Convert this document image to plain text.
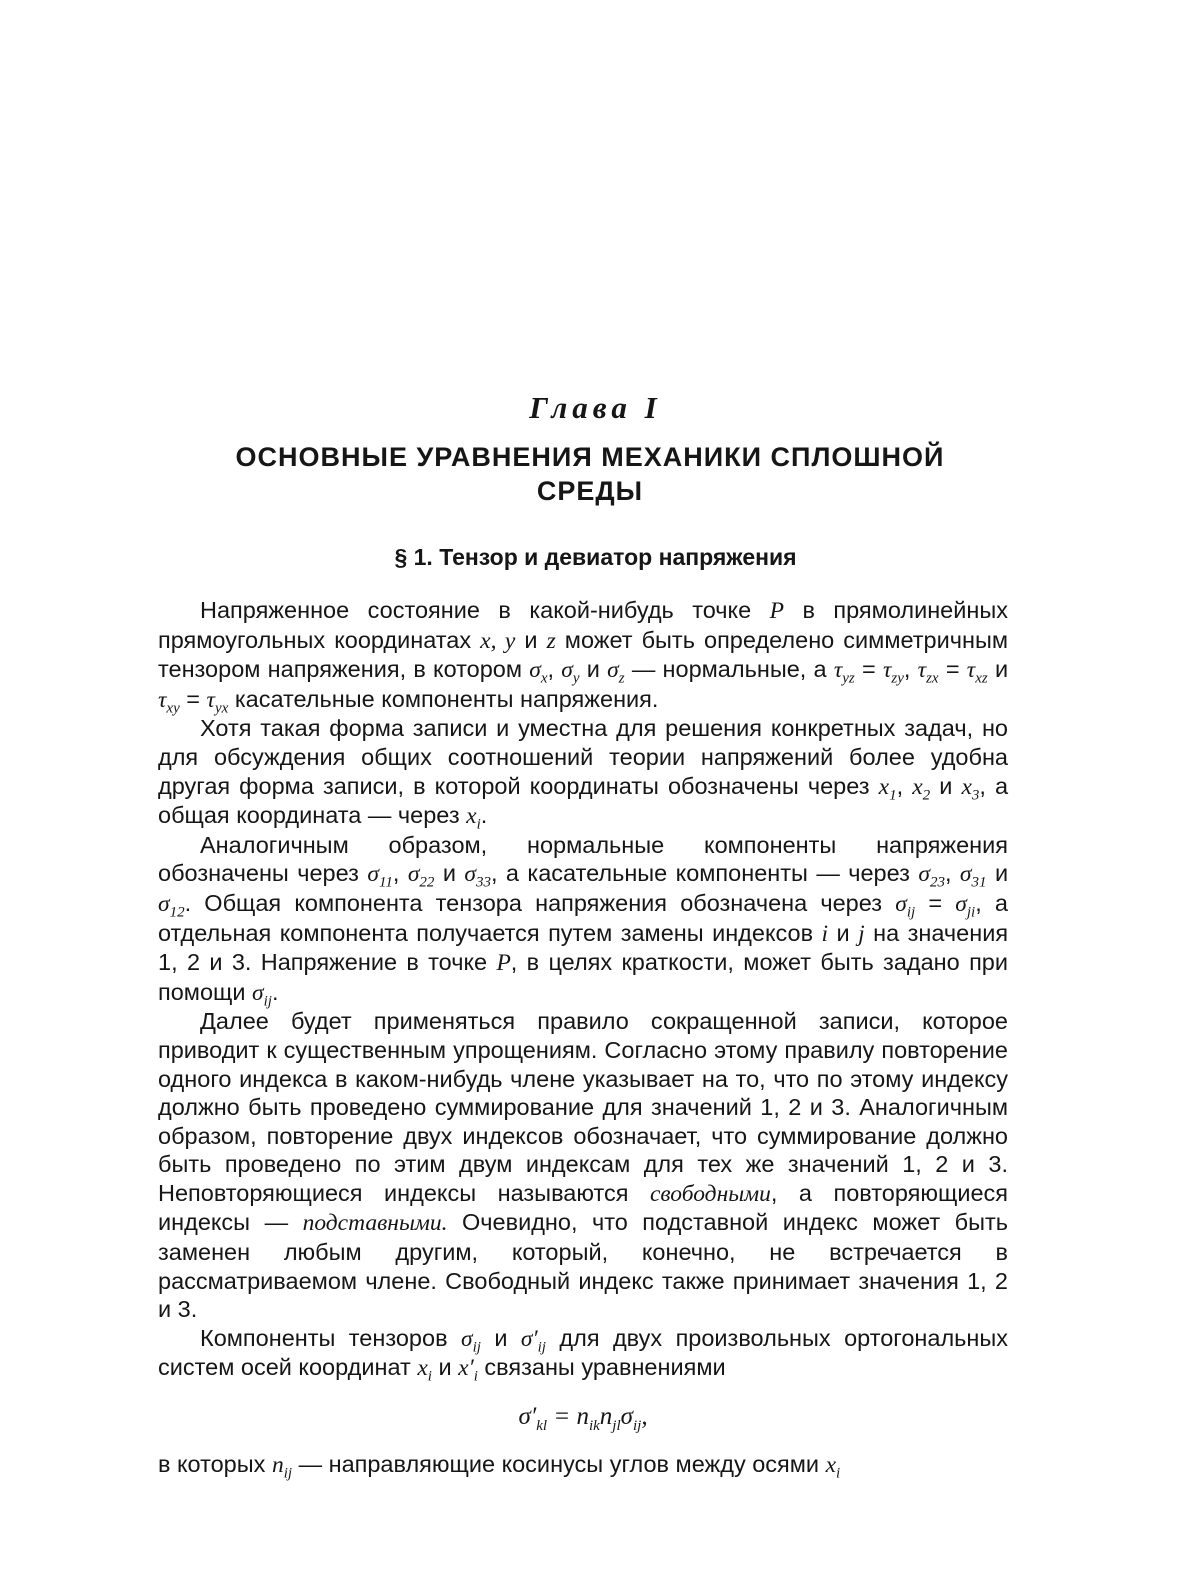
Глава I
ОСНОВНЫЕ УРАВНЕНИЯ МЕХАНИКИ СПЛОШНОЙ СРЕДЫ
§ 1. Тензор и девиатор напряжения

Напряженное состояние в какой-нибудь точке P в прямолинейных прямоугольных координатах x, y и z может быть определено симметричным тензором напряжения, в котором $\sigma_x$, $\sigma_y$ и $\sigma_z$ — нормальные, а $\tau_{yz} = \tau_{zy}$, $\tau_{zx} = \tau_{xz}$ и $\tau_{xy} = \tau_{yx}$ касательные компоненты напряжения.

Хотя такая форма записи и уместна для решения конкретных задач, но для обсуждения общих соотношений теории напряжений более удобна другая форма записи, в которой координаты обозначены через $x_1$, $x_2$ и $x_3$, а общая координата — через $x_i$.

Аналогичным образом, нормальные компоненты напряжения обозначены через $\sigma_{11}$, $\sigma_{22}$ и $\sigma_{33}$, а касательные компоненты — через $\sigma_{23}$, $\sigma_{31}$ и $\sigma_{12}$. Общая компонента тензора напряжения обозначена через $\sigma_{ij} = \sigma_{ji}$, а отдельная компонента получается путем замены индексов i и j на значения 1, 2 и 3. Напряжение в точке P, в целях краткости, может быть задано при помощи $\sigma_{ij}$.

Далее будет применяться правило сокращенной записи, которое приводит к существенным упрощениям. Согласно этому правилу повторение одного индекса в каком-нибудь члене указывает на то, что по этому индексу должно быть проведено суммирование для значений 1, 2 и 3. Аналогичным образом, повторение двух индексов обозначает, что суммирование должно быть проведено по этим двум индексам для тех же значений 1, 2 и 3. Неповторяющиеся индексы называются свободными, а повторяющиеся индексы — подставными. Очевидно, что подставной индекс может быть заменен любым другим, который, конечно, не встречается в рассматриваемом члене. Свободный индекс также принимает значения 1, 2 и 3.

Компоненты тензоров $\sigma_{ij}$ и $\sigma'_{ij}$ для двух произвольных ортогональных систем осей координат $x_i$ и $x'_i$ связаны уравнениями

$\sigma'_{kl} = n_{ik}n_{jl}\sigma_{ij}$,

в которых $n_{ij}$ — направляющие косинусы углов между осями $x_i$
